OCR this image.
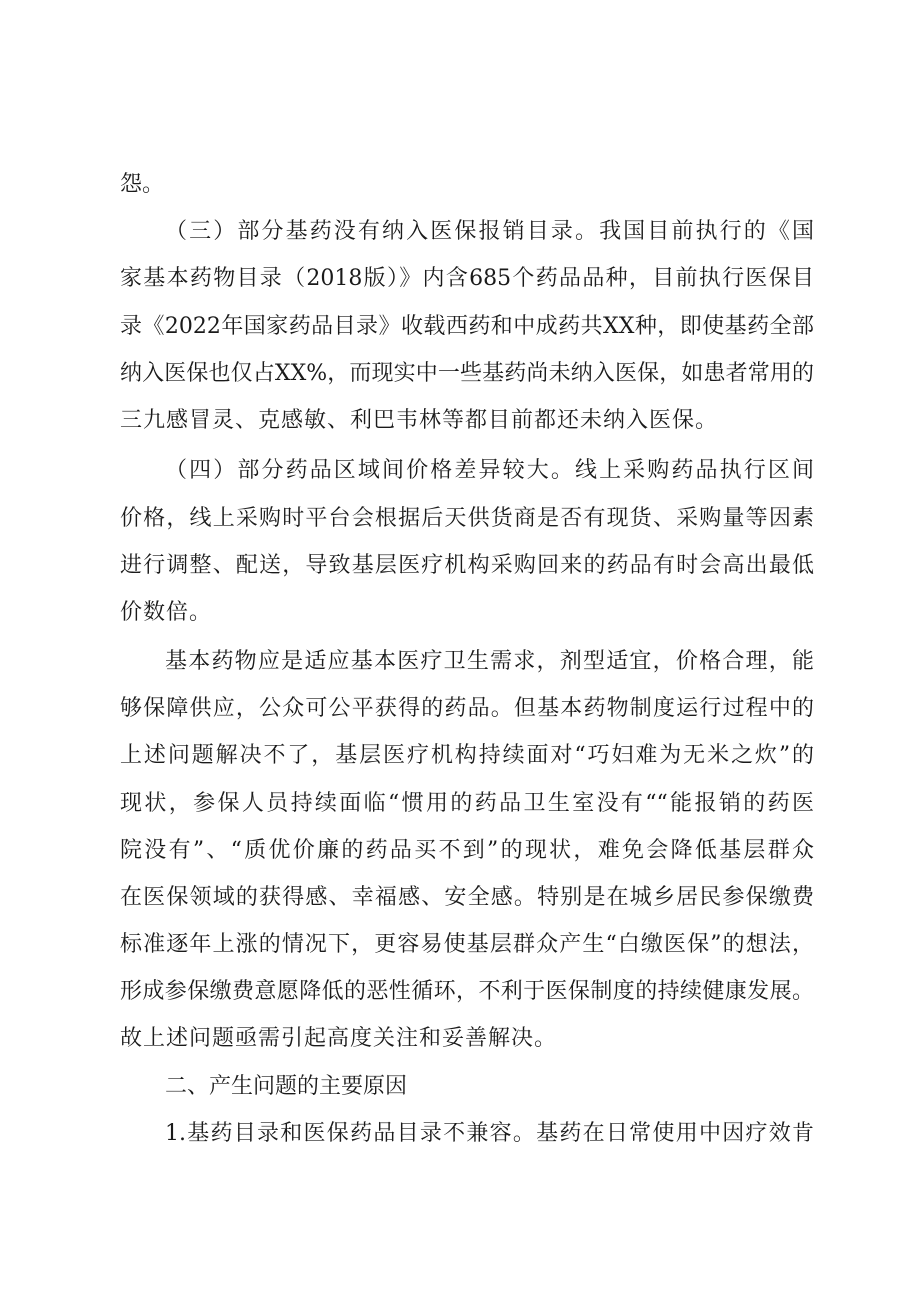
怨。
（三）部分基药没有纳入医保报销目录。我国目前执行的《国
家基本药物目录（2018版）》内含685个药品品种，目前执行医保目
录《2022年国家药品目录》收载西药和中成药共XX种，即使基药全部
纳入医保也仅占XX%，而现实中一些基药尚未纳入医保，如患者常用的
三九感冒灵、克感敏、利巴韦林等都目前都还未纳入医保。
（四）部分药品区域间价格差异较大。线上采购药品执行区间
价格，线上采购时平台会根据后天供货商是否有现货、采购量等因素
进行调整、配送，导致基层医疗机构采购回来的药品有时会高出最低
价数倍。
基本药物应是适应基本医疗卫生需求，剂型适宜，价格合理，能
够保障供应，公众可公平获得的药品。但基本药物制度运行过程中的
上述问题解决不了，基层医疗机构持续面对“巧妇难为无米之炊”的
现状，参保人员持续面临“惯用的药品卫生室没有““能报销的药医
院没有”、“质优价廉的药品买不到”的现状，难免会降低基层群众
在医保领域的获得感、幸福感、安全感。特别是在城乡居民参保缴费
标准逐年上涨的情况下，更容易使基层群众产生“白缴医保”的想法，
形成参保缴费意愿降低的恶性循环，不利于医保制度的持续健康发展。
故上述问题亟需引起高度关注和妥善解决。
二、产生问题的主要原因
1.基药目录和医保药品目录不兼容。基药在日常使用中因疗效肯
